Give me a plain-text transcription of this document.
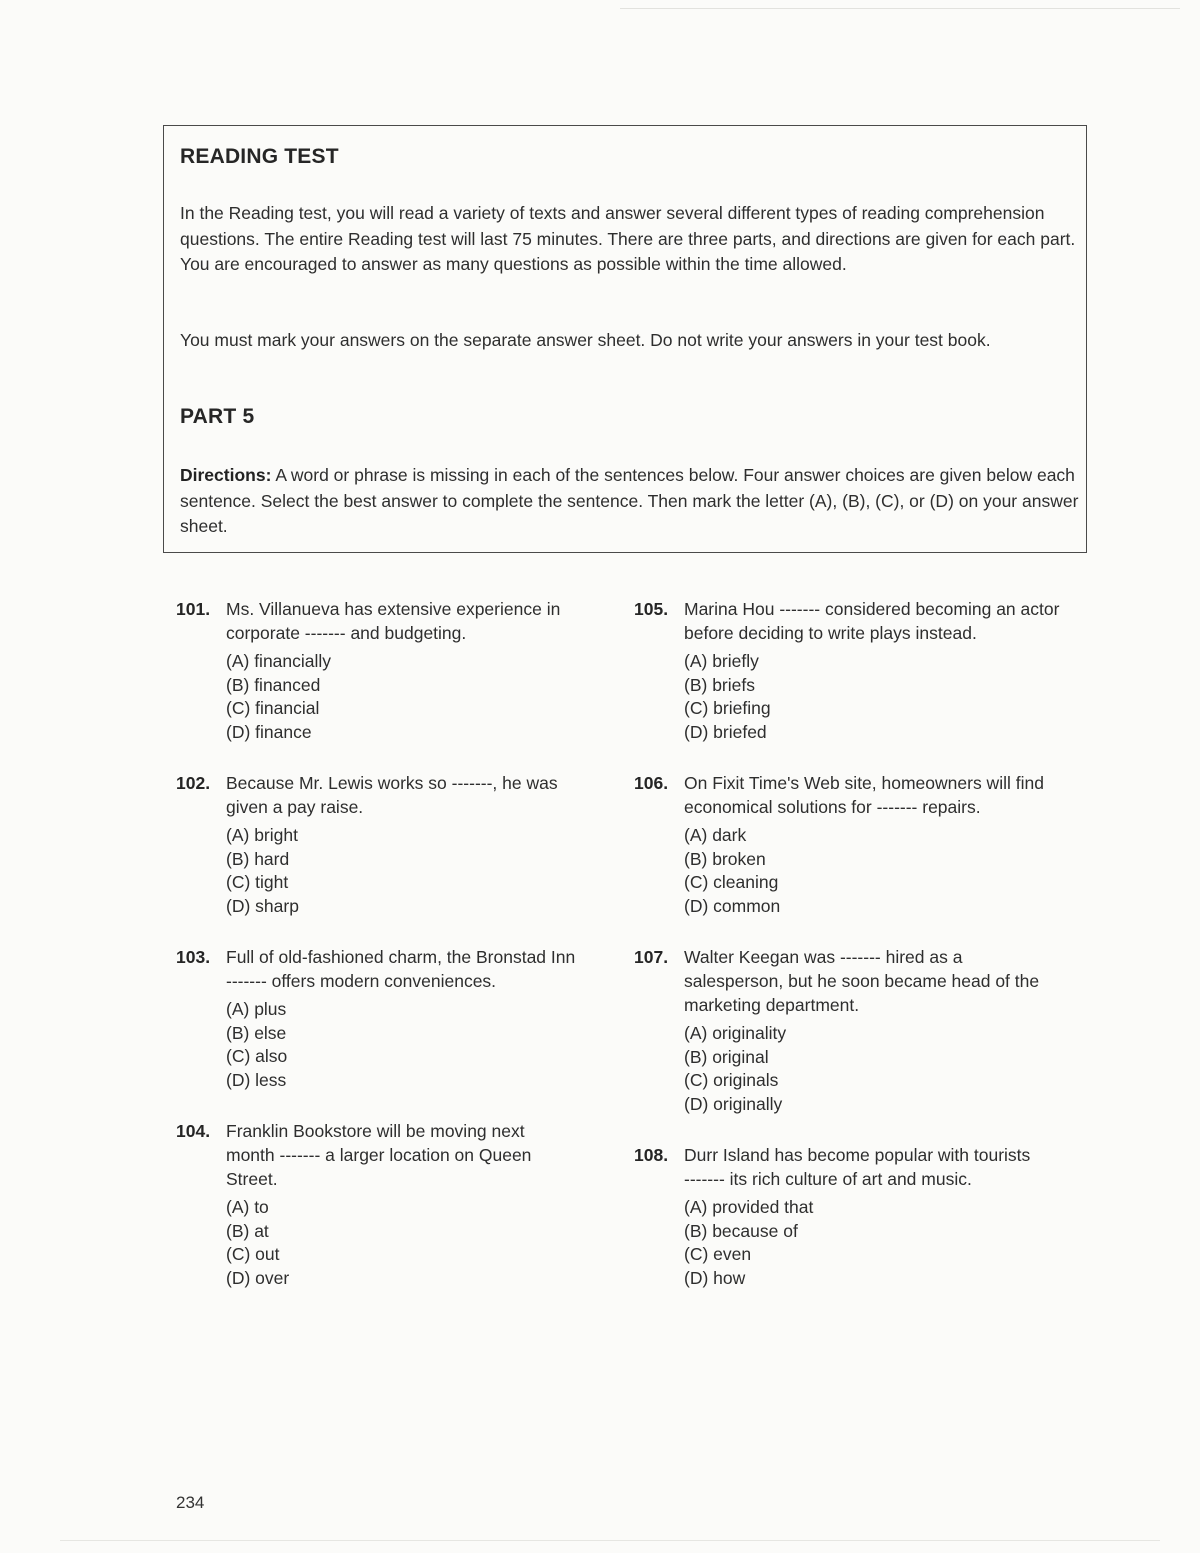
READING TEST
In the Reading test, you will read a variety of texts and answer several different types of reading comprehension questions. The entire Reading test will last 75 minutes. There are three parts, and directions are given for each part. You are encouraged to answer as many questions as possible within the time allowed.
You must mark your answers on the separate answer sheet. Do not write your answers in your test book.
PART 5
Directions: A word or phrase is missing in each of the sentences below. Four answer choices are given below each sentence. Select the best answer to complete the sentence. Then mark the letter (A), (B), (C), or (D) on your answer sheet.
101. Ms. Villanueva has extensive experience in corporate ------- and budgeting.
(A) financially
(B) financed
(C) financial
(D) finance
102. Because Mr. Lewis works so -------, he was given a pay raise.
(A) bright
(B) hard
(C) tight
(D) sharp
103. Full of old-fashioned charm, the Bronstad Inn ------- offers modern conveniences.
(A) plus
(B) else
(C) also
(D) less
104. Franklin Bookstore will be moving next month ------- a larger location on Queen Street.
(A) to
(B) at
(C) out
(D) over
105. Marina Hou ------- considered becoming an actor before deciding to write plays instead.
(A) briefly
(B) briefs
(C) briefing
(D) briefed
106. On Fixit Time's Web site, homeowners will find economical solutions for ------- repairs.
(A) dark
(B) broken
(C) cleaning
(D) common
107. Walter Keegan was ------- hired as a salesperson, but he soon became head of the marketing department.
(A) originality
(B) original
(C) originals
(D) originally
108. Durr Island has become popular with tourists ------- its rich culture of art and music.
(A) provided that
(B) because of
(C) even
(D) how
234
